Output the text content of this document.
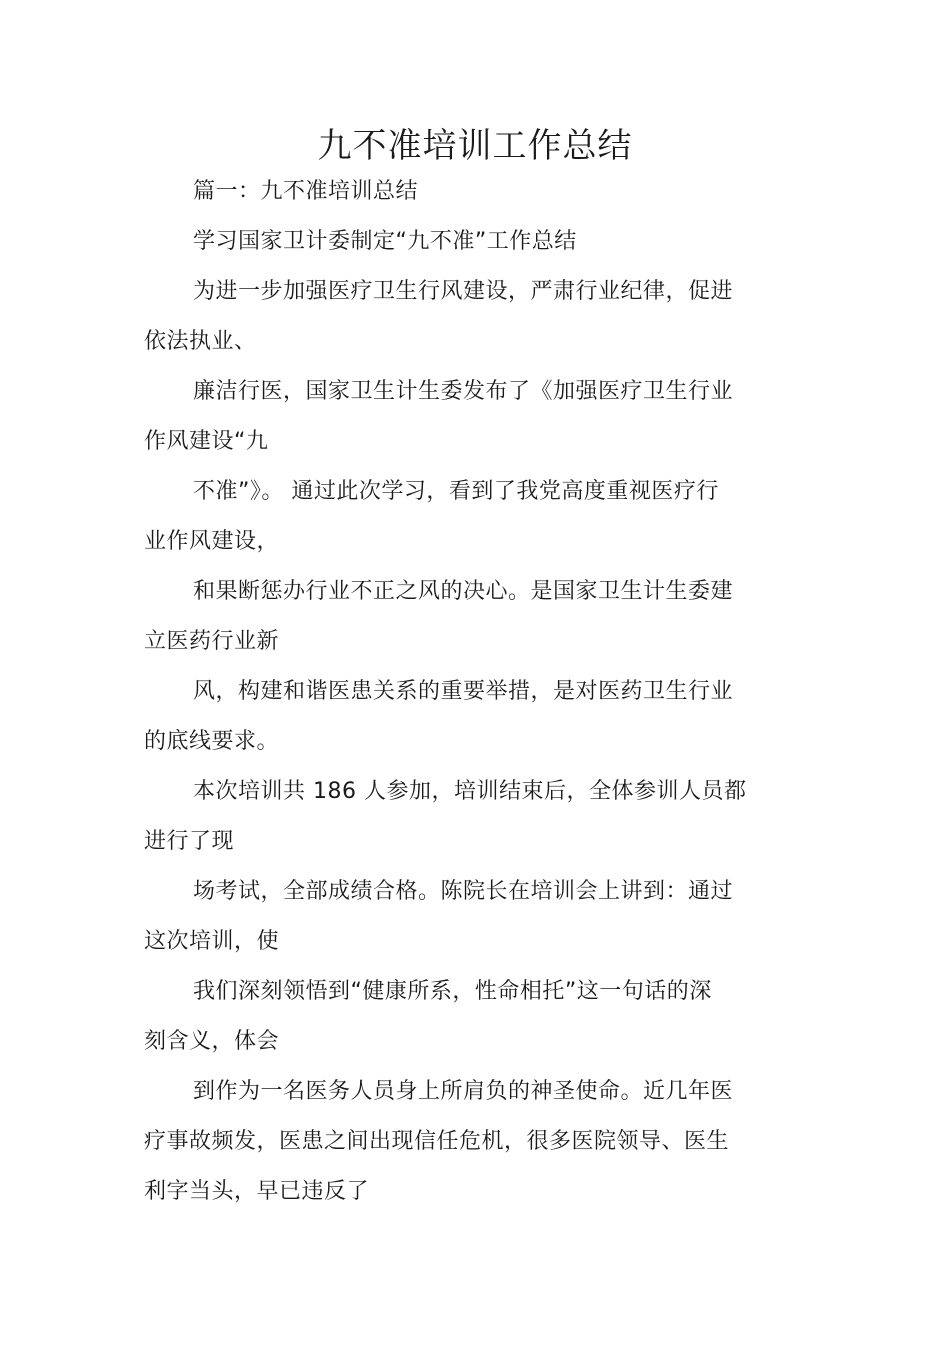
九不准培训工作总结
篇一：九不准培训总结
学习国家卫计委制定“九不准”工作总结
为进一步加强医疗卫生行风建设，严肃行业纪律，促进
依法执业、
廉洁行医，国家卫生计生委发布了《加强医疗卫生行业
作风建设“九
不准”》。 通过此次学习，看到了我党高度重视医疗行
业作风建设，
和果断惩办行业不正之风的决心。是国家卫生计生委建
立医药行业新
风，构建和谐医患关系的重要举措，是对医药卫生行业
的底线要求。
本次培训共 186 人参加，培训结束后，全体参训人员都
进行了现
场考试，全部成绩合格。陈院长在培训会上讲到：通过
这次培训，使
我们深刻领悟到“健康所系，性命相托”这一句话的深
刻含义，体会
到作为一名医务人员身上所肩负的神圣使命。近几年医
疗事故频发，医患之间出现信任危机，很多医院领导、医生
利字当头，早已违反了
